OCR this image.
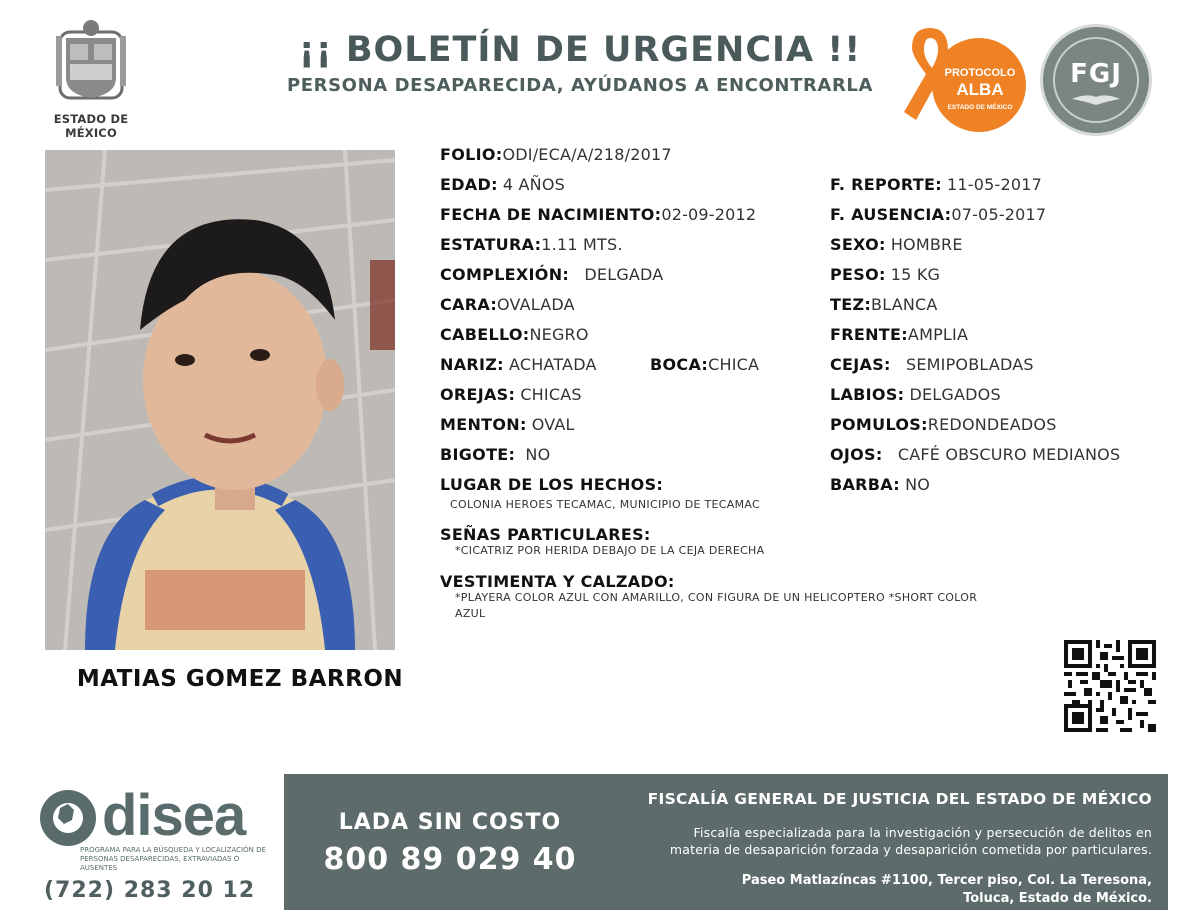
ESTADO DE MÉXICO
¡¡ BOLETÍN DE URGENCIA !!
PERSONA DESAPARECIDA, AYÚDANOS A ENCONTRARLA
PROTOCOLO
ALBA
ESTADO DE MÉXICO
FGJ
MATIAS GOMEZ BARRON
FOLIO:ODI/ECA/A/218/2017
EDAD: 4 AÑOS
FECHA DE NACIMIENTO:02-09-2012
ESTATURA:1.11 MTS.
COMPLEXIÓN: DELGADA
CARA:OVALADA
CABELLO:NEGRO
NARIZ: ACHATADA	BOCA:CHICA
OREJAS: CHICAS
MENTON: OVAL
BIGOTE: NO
F. REPORTE: 11-05-2017
F. AUSENCIA:07-05-2017
SEXO: HOMBRE
PESO: 15 KG
TEZ:BLANCA
FRENTE:AMPLIA
CEJAS: SEMIPOBLADAS
LABIOS: DELGADOS
POMULOS:REDONDEADOS
OJOS: CAFÉ OBSCURO MEDIANOS
BARBA: NO
LUGAR DE LOS HECHOS:
COLONIA HEROES TECAMAC, MUNICIPIO DE TECAMAC
SEÑAS PARTICULARES:
*CICATRIZ POR HERIDA DEBAJO DE LA CEJA DERECHA
VESTIMENTA Y CALZADO:
*PLAYERA COLOR AZUL CON AMARILLO, CON FIGURA DE UN HELICOPTERO *SHORT COLOR
AZUL
disea
PROGRAMA PARA LA BÚSQUEDA Y LOCALIZACIÓN DE PERSONAS DESAPARECIDAS, EXTRAVIADAS O AUSENTES
(722) 283 20 12
LADA SIN COSTO
800 89 029 40
FISCALÍA GENERAL DE JUSTICIA DEL ESTADO DE MÉXICO
Fiscalía especializada para la investigación y persecución de delitos en
materia de desaparición forzada y desaparición cometida por particulares.
Paseo Matlazíncas #1100, Tercer piso, Col. La Teresona,
Toluca, Estado de México.
